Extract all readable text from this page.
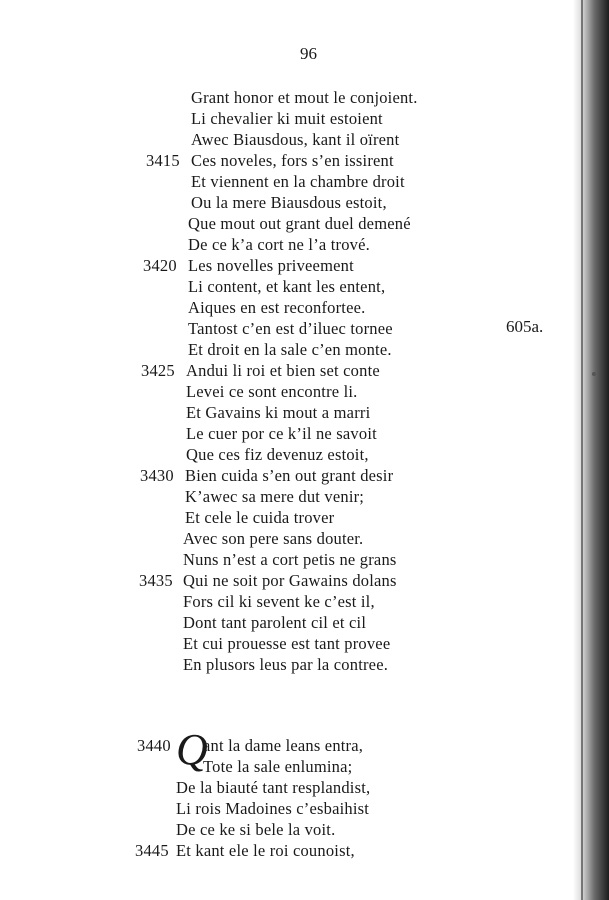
96
605a.
Grant honor et mout le conjoient.
Li chevalier ki muit estoient
Awec Biausdous, kant il oïrent
3415 Ces noveles, fors s’en issirent
Et viennent en la chambre droit
Ou la mere Biausdous estoit,
Que mout out grant duel demené
De ce k’a cort ne l’a trové.
3420 Les novelles priveement
Li content, et kant les entent,
Aiques en est reconfortee.
Tantost c’en est d’iluec tornee
Et droit en la sale c’en monte.
3425 Andui li roi et bien set conte
Levei ce sont encontre li.
Et Gavains ki mout a marri
Le cuer por ce k’il ne savoit
Que ces fiz devenuz estoit,
3430 Bien cuida s’en out grant desir
K’awec sa mere dut venir;
Et cele le cuida trover
Avec son pere sans douter.
Nuns n’est a cort petis ne grans
3435 Qui ne soit por Gawains dolans
Fors cil ki sevent ke c’est il,
Dont tant parolent cil et cil
Et cui prouesse est tant provee
En plusors leus par la contree.
Q
3440 ant la dame leans entra,
Tote la sale enlumina;
De la biauté tant resplandist,
Li rois Madoines c’esbaihist
De ce ke si bele la voit.
3445 Et kant ele le roi counoist,
